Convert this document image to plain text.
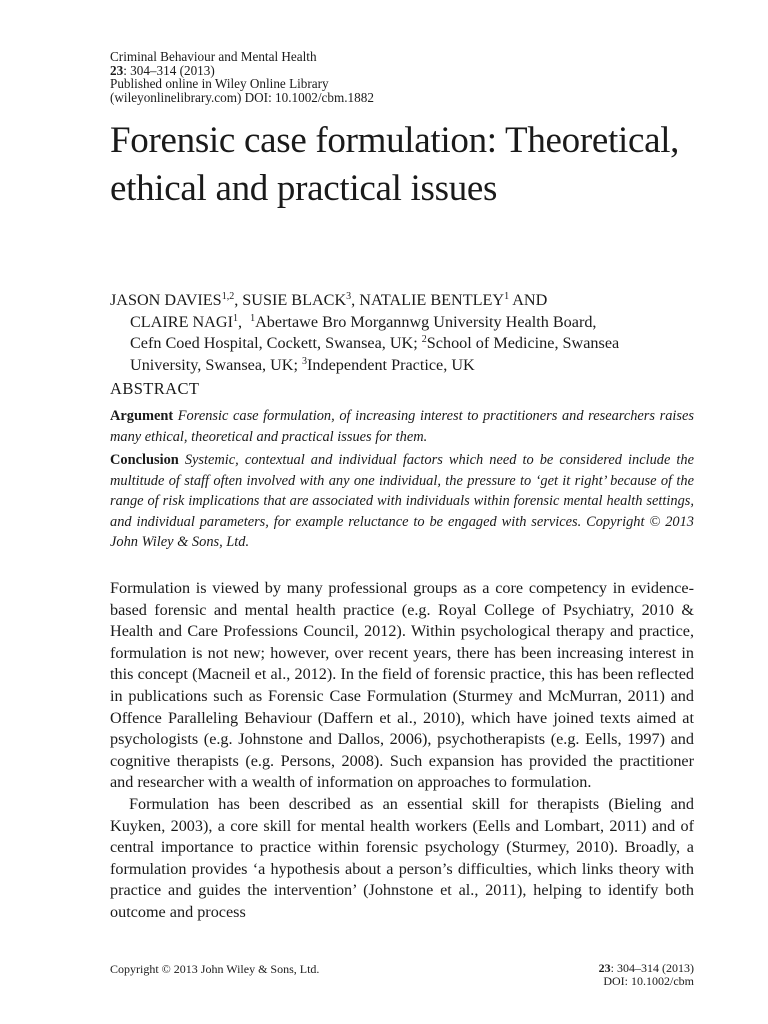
Criminal Behaviour and Mental Health
23: 304–314 (2013)
Published online in Wiley Online Library
(wileyonlinelibrary.com) DOI: 10.1002/cbm.1882
Forensic case formulation: Theoretical,
ethical and practical issues
JASON DAVIES$^{1,2}$, SUSIE BLACK$^3$, NATALIE BENTLEY$^1$ AND
CLAIRE NAGI$^1$,  $^1$Abertawe Bro Morgannwg University Health Board,
Cefn Coed Hospital, Cockett, Swansea, UK; $^2$School of Medicine, Swansea
University, Swansea, UK; $^3$Independent Practice, UK
ABSTRACT

Argument Forensic case formulation, of increasing interest to practitioners and researchers raises many ethical, theoretical and practical issues for them.

Conclusion Systemic, contextual and individual factors which need to be considered include the multitude of staff often involved with any one individual, the pressure to ‘get it right’ because of the range of risk implications that are associated with individuals within forensic mental health settings, and individual parameters, for example reluctance to be engaged with services. Copyright © 2013 John Wiley & Sons, Ltd.

Formulation is viewed by many professional groups as a core competency in evidence-based forensic and mental health practice (e.g. Royal College of Psychiatry, 2010 & Health and Care Professions Council, 2012). Within psychological therapy and practice, formulation is not new; however, over recent years, there has been increasing interest in this concept (Macneil et al., 2012). In the field of forensic practice, this has been reflected in publications such as Forensic Case Formulation (Sturmey and McMurran, 2011) and Offence Paralleling Behaviour (Daffern et al., 2010), which have joined texts aimed at psychologists (e.g. Johnstone and Dallos, 2006), psychotherapists (e.g. Eells, 1997) and cognitive therapists (e.g. Persons, 2008). Such expansion has provided the practitioner and researcher with a wealth of information on approaches to formulation.

Formulation has been described as an essential skill for therapists (Bieling and Kuyken, 2003), a core skill for mental health workers (Eells and Lombart, 2011) and of central importance to practice within forensic psychology (Sturmey, 2010). Broadly, a formulation provides ‘a hypothesis about a person’s difficulties, which links theory with practice and guides the intervention’ (Johnstone et al., 2011), helping to identify both outcome and process

Copyright © 2013 John Wiley & Sons, Ltd.	23: 304–314 (2013)
DOI: 10.1002/cbm
